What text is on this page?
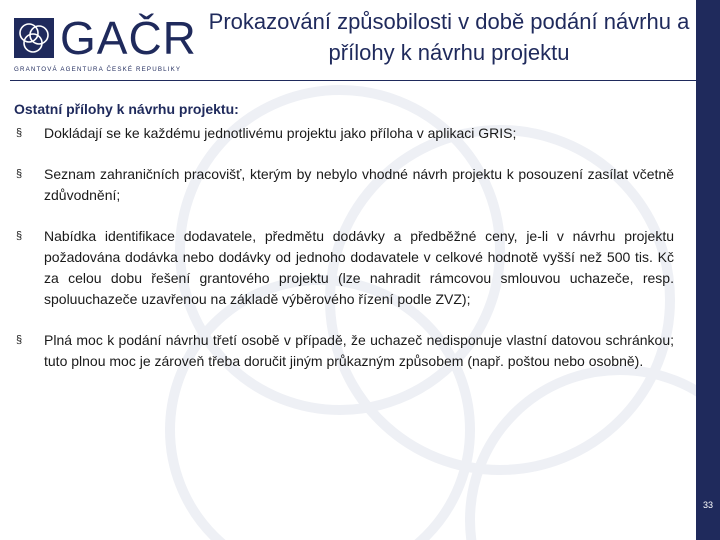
GAČR
GRANTOVÁ AGENTURA ČESKÉ REPUBLIKY
Prokazování způsobilosti v době podání návrhu a přílohy k návrhu projektu

Ostatní přílohy k návrhu projektu:

§ Dokládají se ke každému jednotlivému projektu jako příloha v aplikaci GRIS;
§ Seznam zahraničních pracovišť, kterým by nebylo vhodné návrh projektu k posouzení zasílat včetně zdůvodnění;
§ Nabídka identifikace dodavatele, předmětu dodávky a předběžné ceny, je-li v návrhu projektu požadována dodávka nebo dodávky od jednoho dodavatele v celkové hodnotě vyšší než 500 tis. Kč za celou dobu řešení grantového projektu (lze nahradit rámcovou smlouvou uchazeče, resp. spoluuchazeče uzavřenou na základě výběrového řízení podle ZVZ);
§ Plná moc k podání návrhu třetí osobě v případě, že uchazeč nedisponuje vlastní datovou schránkou; tuto plnou moc je zároveň třeba doručit jiným průkazným způsobem (např. poštou nebo osobně).
33
